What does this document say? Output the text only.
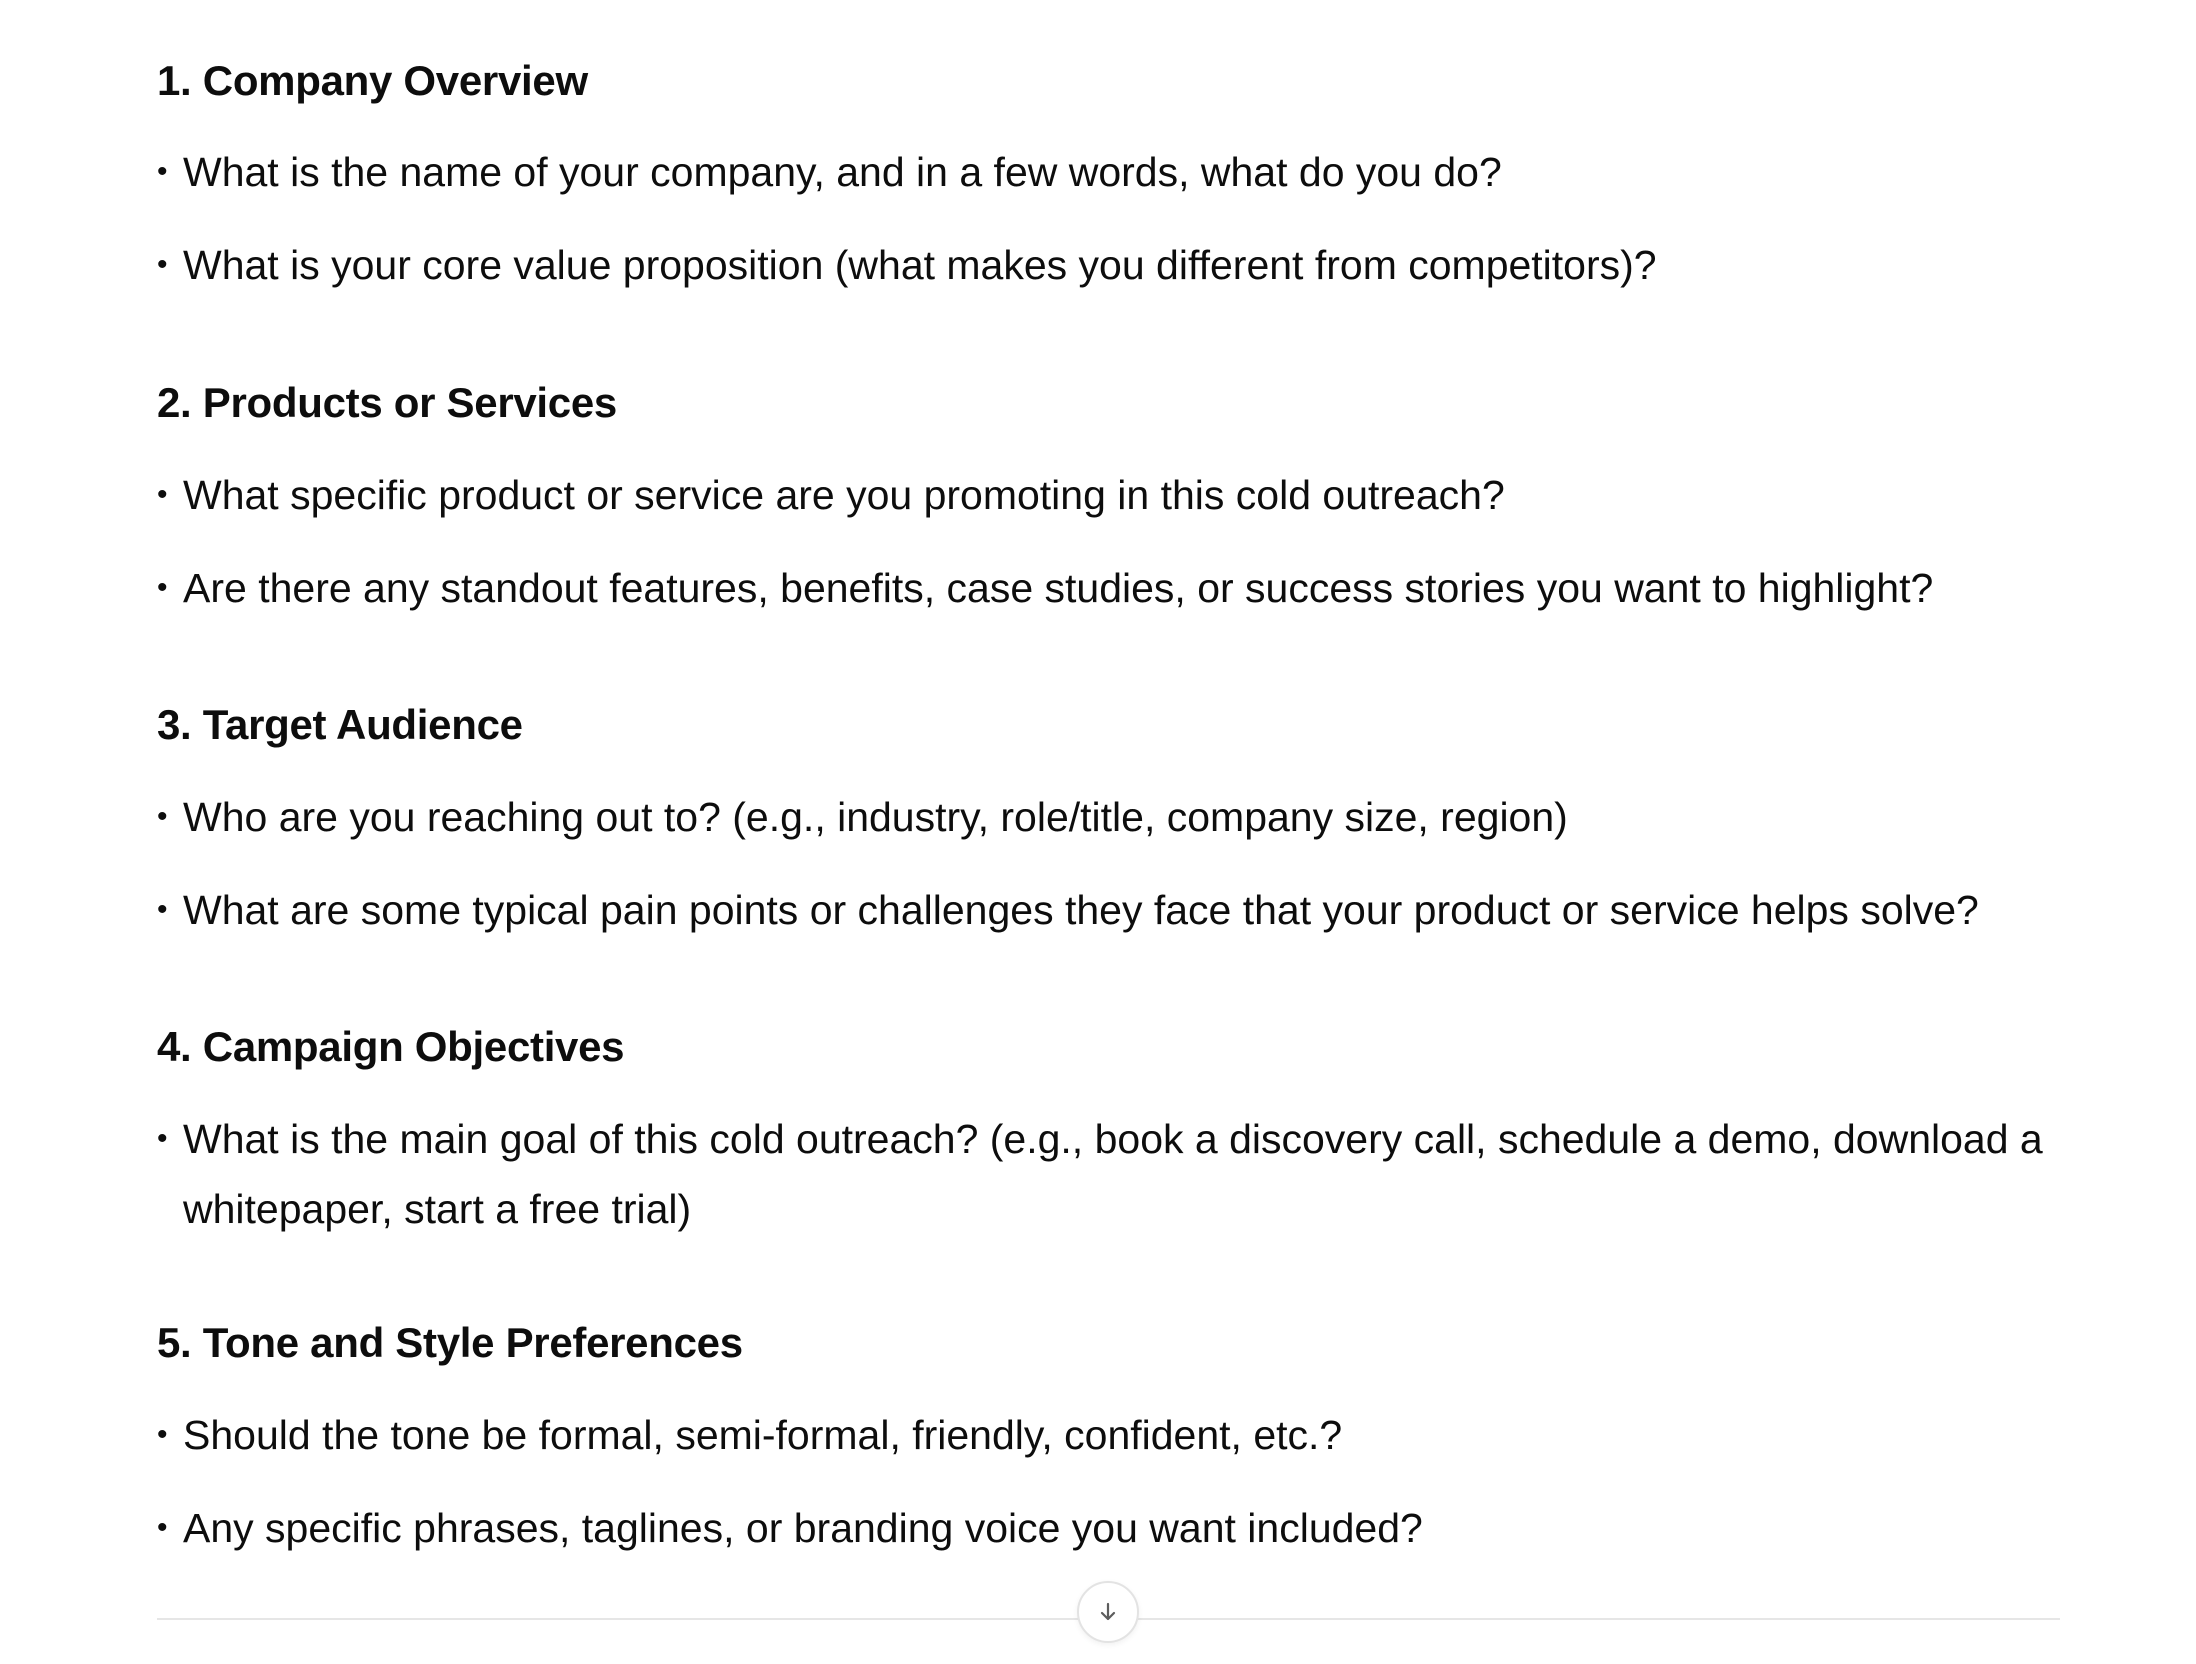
1. Company Overview
• What is the name of your company, and in a few words, what do you do?
• What is your core value proposition (what makes you different from competitors)?
2. Products or Services
• What specific product or service are you promoting in this cold outreach?
• Are there any standout features, benefits, case studies, or success stories you want to highlight?
3. Target Audience
• Who are you reaching out to? (e.g., industry, role/title, company size, region)
• What are some typical pain points or challenges they face that your product or service helps solve?
4. Campaign Objectives
• What is the main goal of this cold outreach? (e.g., book a discovery call, schedule a demo, download a whitepaper, start a free trial)
5. Tone and Style Preferences
• Should the tone be formal, semi-formal, friendly, confident, etc.?
• Any specific phrases, taglines, or branding voice you want included?
